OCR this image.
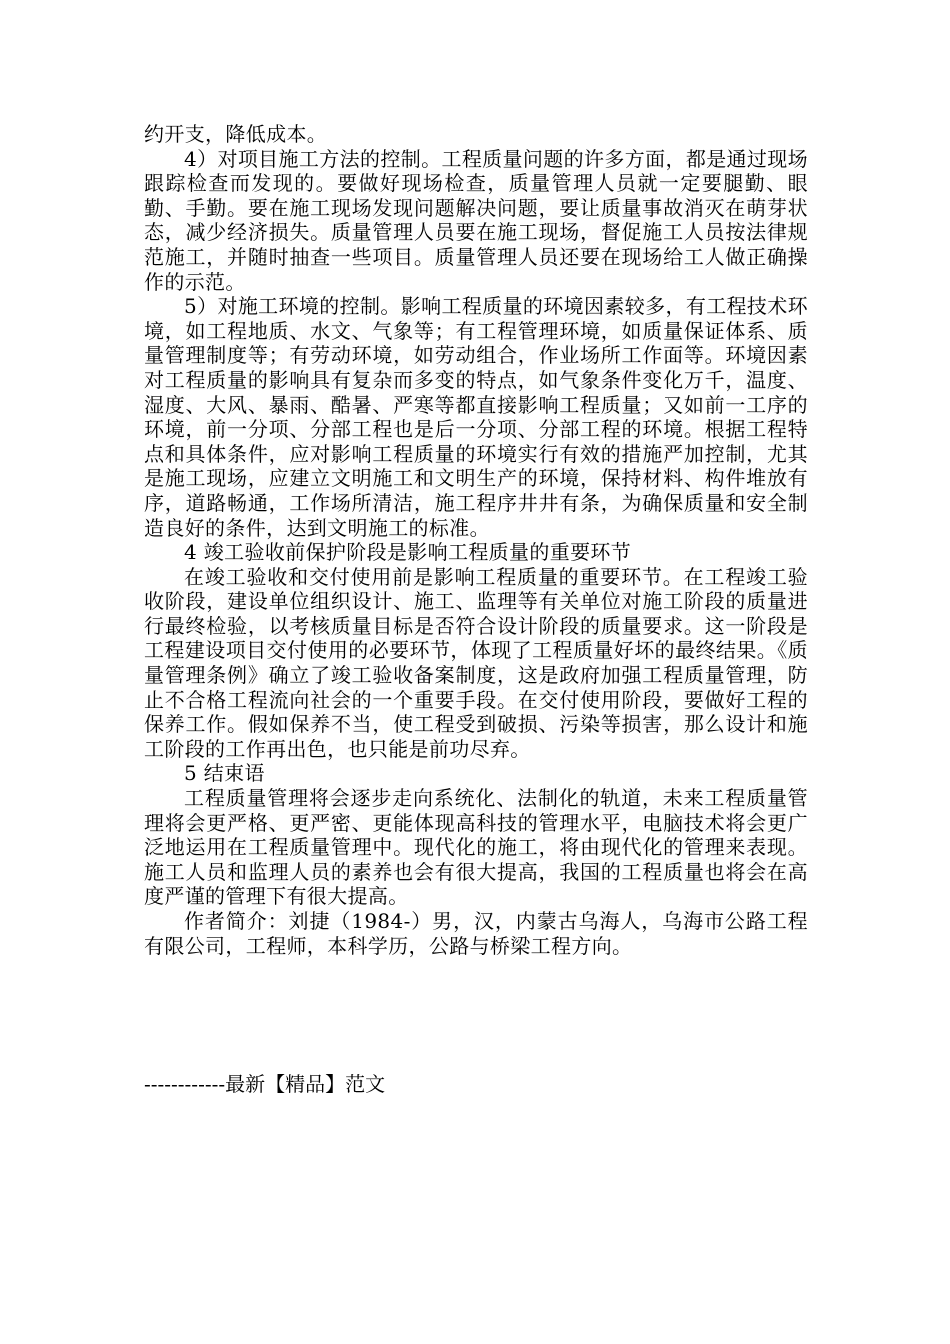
约开支，降低成本。

4）对项目施工方法的控制。工程质量问题的许多方面，都是通过现场跟踪检查而发现的。要做好现场检查，质量管理人员就一定要腿勤、眼勤、手勤。要在施工现场发现问题解决问题，要让质量事故消灭在萌芽状态，减少经济损失。质量管理人员要在施工现场，督促施工人员按法律规范施工，并随时抽查一些项目。质量管理人员还要在现场给工人做正确操作的示范。

5）对施工环境的控制。影响工程质量的环境因素较多，有工程技术环境，如工程地质、水文、气象等；有工程管理环境，如质量保证体系、质量管理制度等；有劳动环境，如劳动组合，作业场所工作面等。环境因素对工程质量的影响具有复杂而多变的特点，如气象条件变化万千，温度、湿度、大风、暴雨、酷暑、严寒等都直接影响工程质量；又如前一工序的环境，前一分项、分部工程也是后一分项、分部工程的环境。根据工程特点和具体条件，应对影响工程质量的环境实行有效的措施严加控制，尤其是施工现场，应建立文明施工和文明生产的环境，保持材料、构件堆放有序，道路畅通，工作场所清洁，施工程序井井有条，为确保质量和安全制造良好的条件，达到文明施工的标准。

4 竣工验收前保护阶段是影响工程质量的重要环节

在竣工验收和交付使用前是影响工程质量的重要环节。在工程竣工验收阶段，建设单位组织设计、施工、监理等有关单位对施工阶段的质量进行最终检验，以考核质量目标是否符合设计阶段的质量要求。这一阶段是工程建设项目交付使用的必要环节，体现了工程质量好坏的最终结果。《质量管理条例》确立了竣工验收备案制度，这是政府加强工程质量管理，防止不合格工程流向社会的一个重要手段。在交付使用阶段，要做好工程的保养工作。假如保养不当，使工程受到破损、污染等损害，那么设计和施工阶段的工作再出色，也只能是前功尽弃。

5 结束语

工程质量管理将会逐步走向系统化、法制化的轨道，未来工程质量管理将会更严格、更严密、更能体现高科技的管理水平，电脑技术将会更广泛地运用在工程质量管理中。现代化的施工，将由现代化的管理来表现。施工人员和监理人员的素养也会有很大提高，我国的工程质量也将会在高度严谨的管理下有很大提高。

作者简介：刘捷（1984-）男，汉，内蒙古乌海人，乌海市公路工程有限公司，工程师，本科学历，公路与桥梁工程方向。

------------最新【精品】范文
